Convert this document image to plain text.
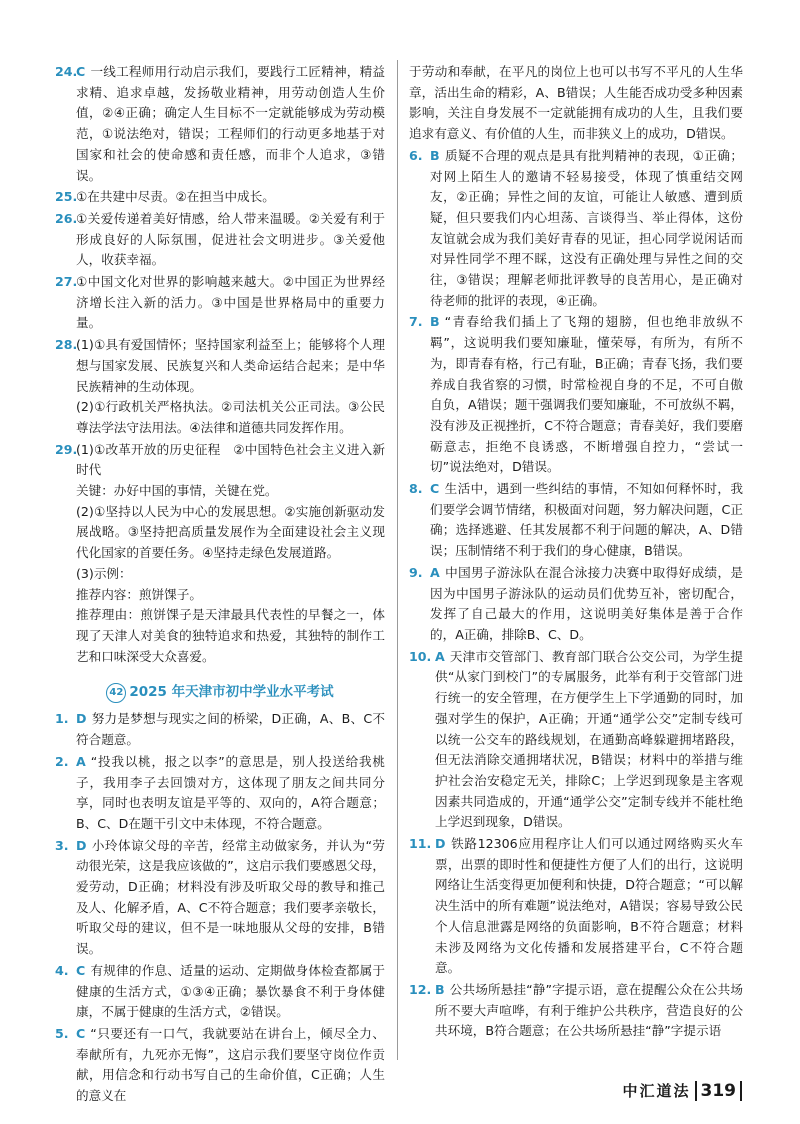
24.

C 一线工程师用行动启示我们，要践行工匠精神，精益求精、追求卓越，发扬敬业精神，用劳动创造人生价值，②④正确；确定人生目标不一定就能够成为劳动模范，①说法绝对，错误；工程师们的行动更多地基于对国家和社会的使命感和责任感，而非个人追求，③错误。

25.

①在共建中尽责。②在担当中成长。

26.

①关爱传递着美好情感，给人带来温暖。②关爱有利于形成良好的人际氛围，促进社会文明进步。③关爱他人，收获幸福。

27.

①中国文化对世界的影响越来越大。②中国正为世界经济增长注入新的活力。③中国是世界格局中的重要力量。

28.

(1)①具有爱国情怀；坚持国家利益至上；能够将个人理想与国家发展、民族复兴和人类命运结合起来；是中华民族精神的生动体现。

(2)①行政机关严格执法。②司法机关公正司法。③公民尊法学法守法用法。④法律和道德共同发挥作用。

29.

(1)①改革开放的历史征程　②中国特色社会主义进入新时代

关键：办好中国的事情，关键在党。

(2)①坚持以人民为中心的发展思想。②实施创新驱动发展战略。③坚持把高质量发展作为全面建设社会主义现代化国家的首要任务。④坚持走绿色发展道路。

(3)示例：

推荐内容：煎饼馃子。

推荐理由：煎饼馃子是天津最具代表性的早餐之一，体现了天津人对美食的独特追求和热爱，其独特的制作工艺和口味深受大众喜爱。

42 2025 年天津市初中学业水平考试
1. D 努力是梦想与现实之间的桥梁，D正确，A、B、C不符合题意。

2. A “投我以桃，报之以李”的意思是，别人投送给我桃子，我用李子去回馈对方，这体现了朋友之间共同分享，同时也表明友谊是平等的、双向的，A符合题意；B、C、D在题干引文中未体现，不符合题意。

3. D 小玲体谅父母的辛苦，经常主动做家务，并认为“劳动很光荣，这是我应该做的”，这启示我们要感恩父母，爱劳动，D正确；材料没有涉及听取父母的教导和推己及人、化解矛盾，A、C不符合题意；我们要孝亲敬长，听取父母的建议，但不是一味地服从父母的安排，B错误。

4. C 有规律的作息、适量的运动、定期做身体检查都属于健康的生活方式，①③④正确；暴饮暴食不利于身体健康，不属于健康的生活方式，②错误。

5. C “只要还有一口气，我就要站在讲台上，倾尽全力、奉献所有，九死亦无悔”，这启示我们要坚守岗位作贡献，用信念和行动书写自己的生命价值，C正确；人生的意义在

于劳动和奉献，在平凡的岗位上也可以书写不平凡的人生华章，活出生命的精彩，A、B错误；人生能否成功受多种因素影响，关注自身发展不一定就能拥有成功的人生，且我们要追求有意义、有价值的人生，而非狭义上的成功，D错误。

6. B 质疑不合理的观点是具有批判精神的表现，①正确；对网上陌生人的邀请不轻易接受，体现了慎重结交网友，②正确；异性之间的友谊，可能让人敏感、遭到质疑，但只要我们内心坦荡、言谈得当、举止得体，这份友谊就会成为我们美好青春的见证，担心同学说闲话而对异性同学不理不睬，这没有正确处理与异性之间的交往，③错误；理解老师批评教导的良苦用心，是正确对待老师的批评的表现，④正确。

7. B “青春给我们插上了飞翔的翅膀，但也绝非放纵不羁”，这说明我们要知廉耻，懂荣辱，有所为，有所不为，即青春有格，行己有耻，B正确；青春飞扬，我们要养成自我省察的习惯，时常检视自身的不足，不可自傲自负，A错误；题干强调我们要知廉耻，不可放纵不羁，没有涉及正视挫折，C不符合题意；青春美好，我们要磨砺意志，拒绝不良诱惑，不断增强自控力，“尝试一切”说法绝对，D错误。

8. C 生活中，遇到一些纠结的事情，不知如何释怀时，我们要学会调节情绪，积极面对问题，努力解决问题，C正确；选择逃避、任其发展都不利于问题的解决，A、D错误；压制情绪不利于我们的身心健康，B错误。

9. A 中国男子游泳队在混合泳接力决赛中取得好成绩，是因为中国男子游泳队的运动员们优势互补，密切配合，发挥了自己最大的作用，这说明美好集体是善于合作的，A正确，排除B、C、D。

10. A 天津市交管部门、教育部门联合公交公司，为学生提供“从家门到校门”的专属服务，此举有利于交管部门进行统一的安全管理，在方便学生上下学通勤的同时，加强对学生的保护，A正确；开通“通学公交”定制专线可以统一公交车的路线规划，在通勤高峰躲避拥堵路段，但无法消除交通拥堵状况，B错误；材料中的举措与维护社会治安稳定无关，排除C；上学迟到现象是主客观因素共同造成的，开通“通学公交”定制专线并不能杜绝上学迟到现象，D错误。

11. D 铁路12306应用程序让人们可以通过网络购买火车票，出票的即时性和便捷性方便了人们的出行，这说明网络让生活变得更加便利和快捷，D符合题意；“可以解决生活中的所有难题”说法绝对，A错误；容易导致公民个人信息泄露是网络的负面影响，B不符合题意；材料未涉及网络为文化传播和发展搭建平台，C不符合题意。

12. B 公共场所悬挂“静”字提示语，意在提醒公众在公共场所不要大声喧哗，有利于维护公共秩序，营造良好的公共环境，B符合题意；在公共场所悬挂“静”字提示语

中汇道法 319
